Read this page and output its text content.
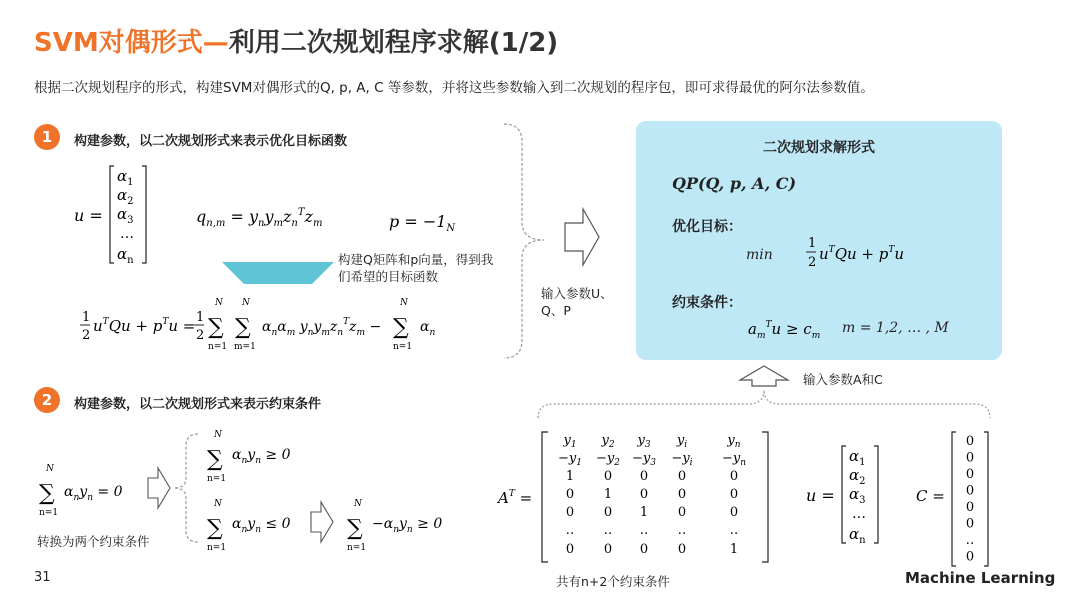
SVM对偶形式—利用二次规划程序求解(1/2)
根据二次规划程序的形式，构建SVM对偶形式的Q, p, A, C 等参数，并将这些参数输入到二次规划的程序包，即可求得最优的阿尔法参数值。
1	构建参数，以二次规划形式来表示优化目标函数
u =
$\alpha_1$
$\alpha_2$
$\alpha_3$
…
$\alpha_n$
$q_{n,m} = y_ny_mz_n^Tz_m$	$p = -1_N$
构建Q矩阵和p向量，得到我们希望的目标函数
1
2
$u^TQu + p^Tu = 1$
2
N
∑
n=1
N
∑
m=1
$\alpha_n\alpha_m$ $y_ny_mz_n^Tz_m$ −
N
∑
n=1
$\alpha_n$
输入参数U、Q、P
二次规划求解形式
QP(Q, p, A, C)
优化目标：
min
1
2 $u^TQu + p^Tu$
约束条件：
$a_m^Tu \ge c_m$ m = 1,2, … , M
输入参数A和C
2	构建参数，以二次规划形式来表示约束条件
N
∑
n=1
$\alpha_ny_n = 0$
转换为两个约束条件
N
∑
n=1
$\alpha_ny_n \ge 0$
N
∑
n=1
$\alpha_ny_n \le 0$
N
∑
n=1
$-\alpha_ny_n \ge 0$
$A^T$ =
$y_1$ $y_2$ $y_3$ $y_i$	$y_n$
$-y_1 -y_2 -y_3 -y_i -y_n$
1 0 0 0	0
0 1 0 0	0
0 0 1 0	0
‥ ‥ ‥ ‥	‥
0 0 0 0	1
共有n+2个约束条件
u =
$\alpha_1$
$\alpha_2$
$\alpha_3$
…
$\alpha_n$
C =
0
0
0
0
0
0
‥
0
31	Machine Learning
